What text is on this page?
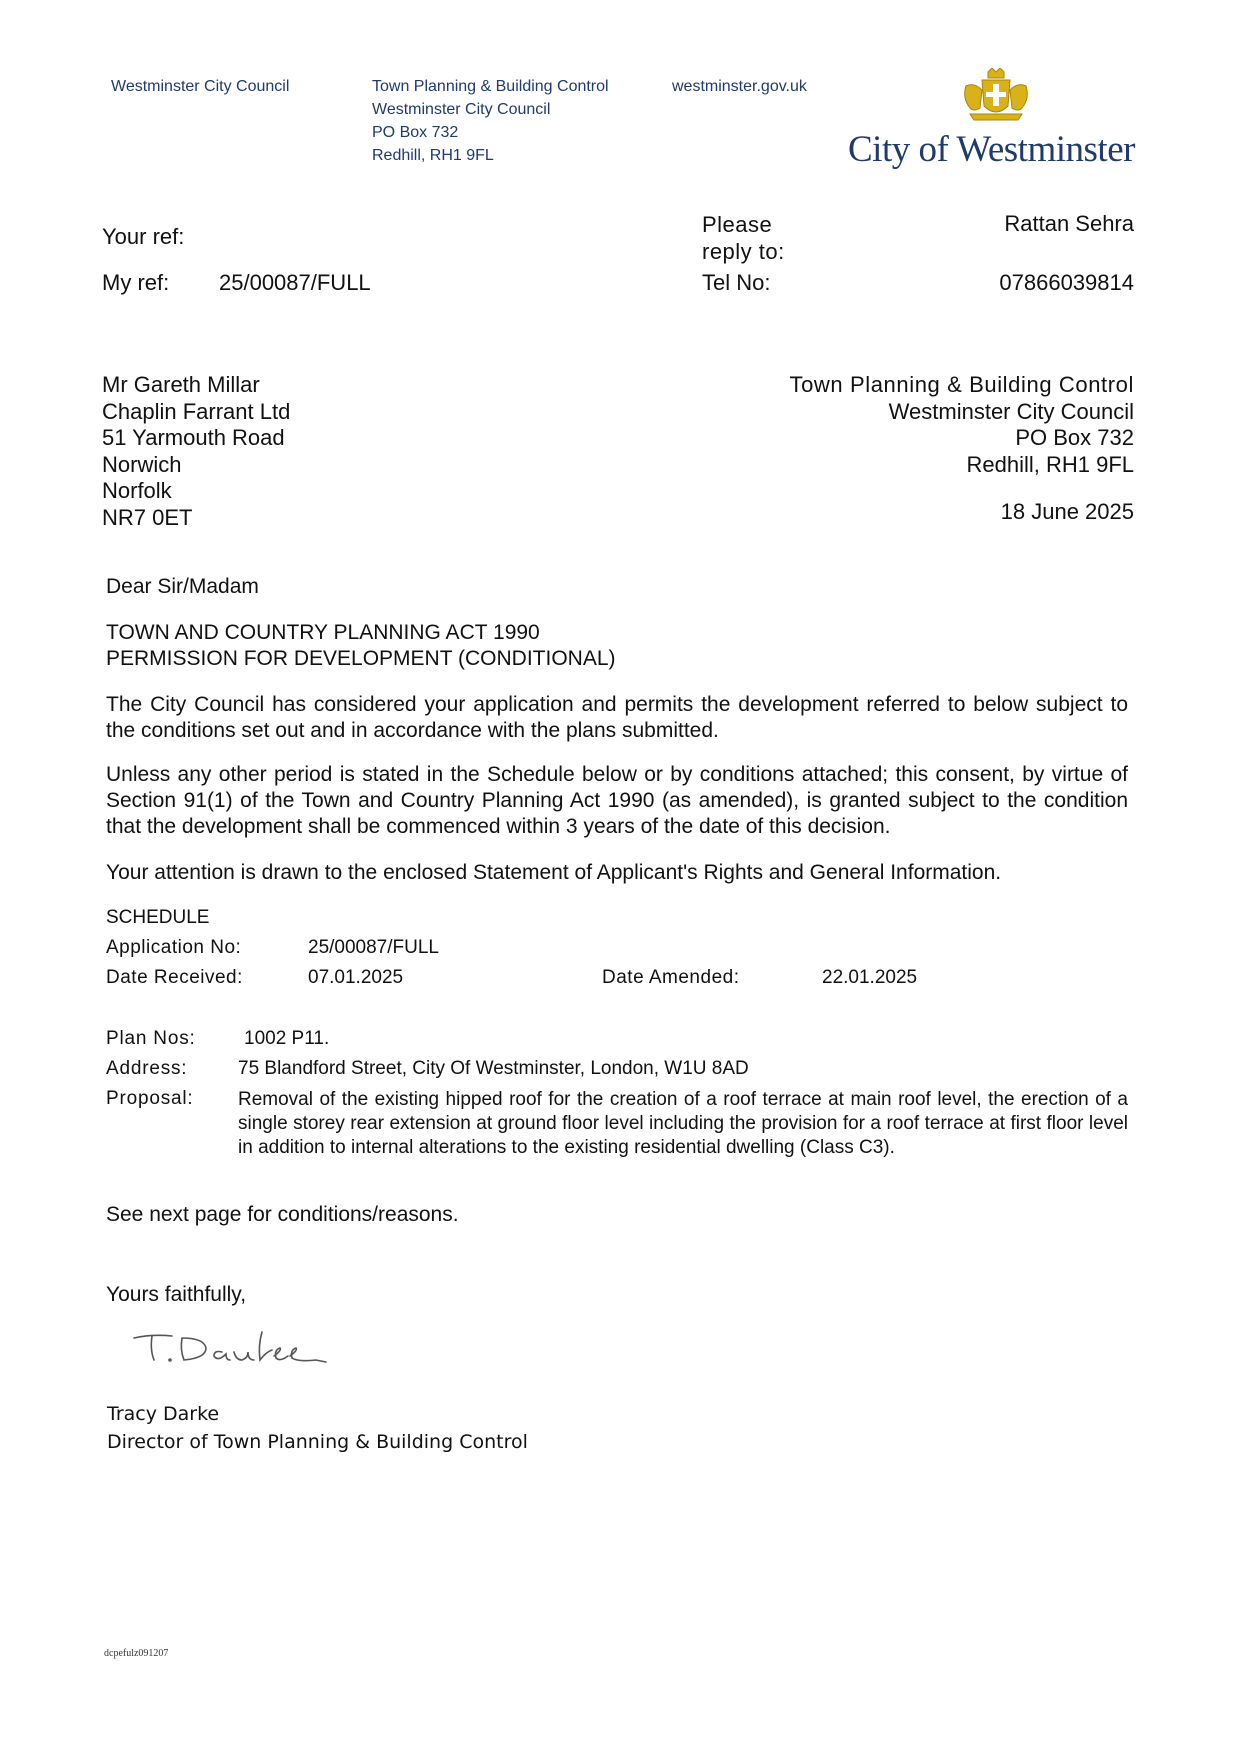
Westminster City Council	Town Planning & Building Control
Westminster City Council
PO Box 732
Redhill, RH1 9FL
westminster.gov.uk
City of Westminster
Your ref:
My ref: 25/00087/FULL
Please
reply to:
Rattan Sehra
Tel No:	07866039814
Mr Gareth Millar
Chaplin Farrant Ltd
51 Yarmouth Road
Norwich
Norfolk
NR7 0ET
Town Planning & Building Control
Westminster City Council
PO Box 732
Redhill, RH1 9FL
18 June 2025
Dear Sir/Madam
TOWN AND COUNTRY PLANNING ACT 1990
PERMISSION FOR DEVELOPMENT (CONDITIONAL)
The City Council has considered your application and permits the development referred to below subject to the conditions set out and in accordance with the plans submitted.
Unless any other period is stated in the Schedule below or by conditions attached; this consent, by virtue of Section 91(1) of the Town and Country Planning Act 1990 (as amended), is granted subject to the condition that the development shall be commenced within 3 years of the date of this decision.
Your attention is drawn to the enclosed Statement of Applicant's Rights and General Information.
SCHEDULE
Application No:	25/00087/FULL
Date Received:	07.01.2025	Date Amended:	22.01.2025
Plan Nos:	1002 P11.
Address:	75 Blandford Street, City Of Westminster, London, W1U 8AD
Proposal: Removal of the existing hipped roof for the creation of a roof terrace at main roof level, the erection of a single storey rear extension at ground floor level including the provision for a roof terrace at first floor level in addition to internal alterations to the existing residential dwelling (Class C3).
See next page for conditions/reasons.
Yours faithfully,
Tracy Darke
Director of Town Planning & Building Control
dcpefulz091207
